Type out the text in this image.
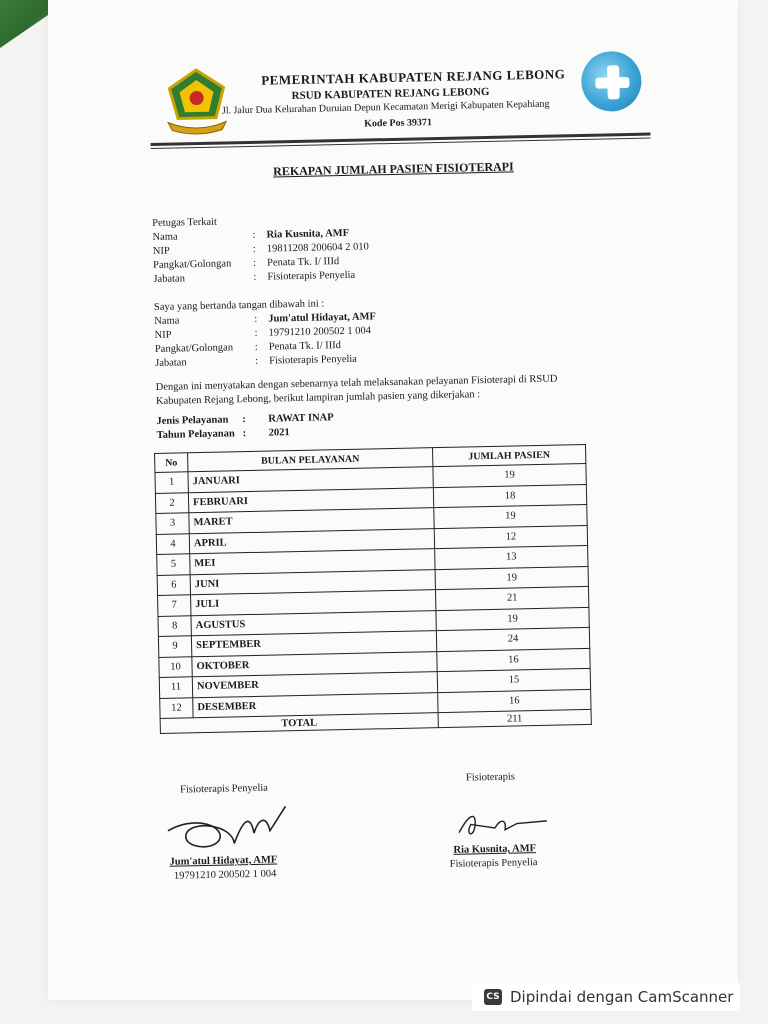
PEMERINTAH KABUPATEN REJANG LEBONG
RSUD KABUPATEN REJANG LEBONG
Jl. Jalur Dua Kelurahan Duruian Depun Kecamatan Merigi Kabupaten Kepahiang
Kode Pos 39371
REKAPAN JUMLAH PASIEN FISIOTERAPI
Petugas Terkait
Nama	: Ria Kusnita, AMF
NIP	: 19811208 200604 2 010
Pangkat/Golongan : Penata Tk. I/ IIId
Jabatan	: Fisioterapis Penyelia
Saya yang bertanda tangan dibawah ini :
Nama	: Jum'atul Hidayat, AMF
NIP	: 19791210 200502 1 004
Pangkat/Golongan : Penata Tk. I/ IIId
Jabatan	: Fisioterapis Penyelia
Dengan ini menyatakan dengan sebenarnya telah melaksanakan pelayanan Fisioterapi di RSUD
Kabupaten Rejang Lebong, berikut lampiran jumlah pasien yang dikerjakan :
Jenis Pelayanan : RAWAT INAP
Tahun Pelayanan : 2021
No	BULAN PELAYANAN	JUMLAH PASIEN
1	JANUARI	19
2	FEBRUARI	18
3	MARET	19
4	APRIL	12
5	MEI	13
6	JUNI	19
7	JULI	21
8	AGUSTUS	19
9	SEPTEMBER	24
10	OKTOBER	16
11	NOVEMBER	15
12	DESEMBER	16
TOTAL		211
Fisioterapis Penyelia
Jum'atul Hidayat, AMF
19791210 200502 1 004
Fisioterapis
Ria Kusnita, AMF
Fisioterapis Penyelia
CS Dipindai dengan CamScanner
